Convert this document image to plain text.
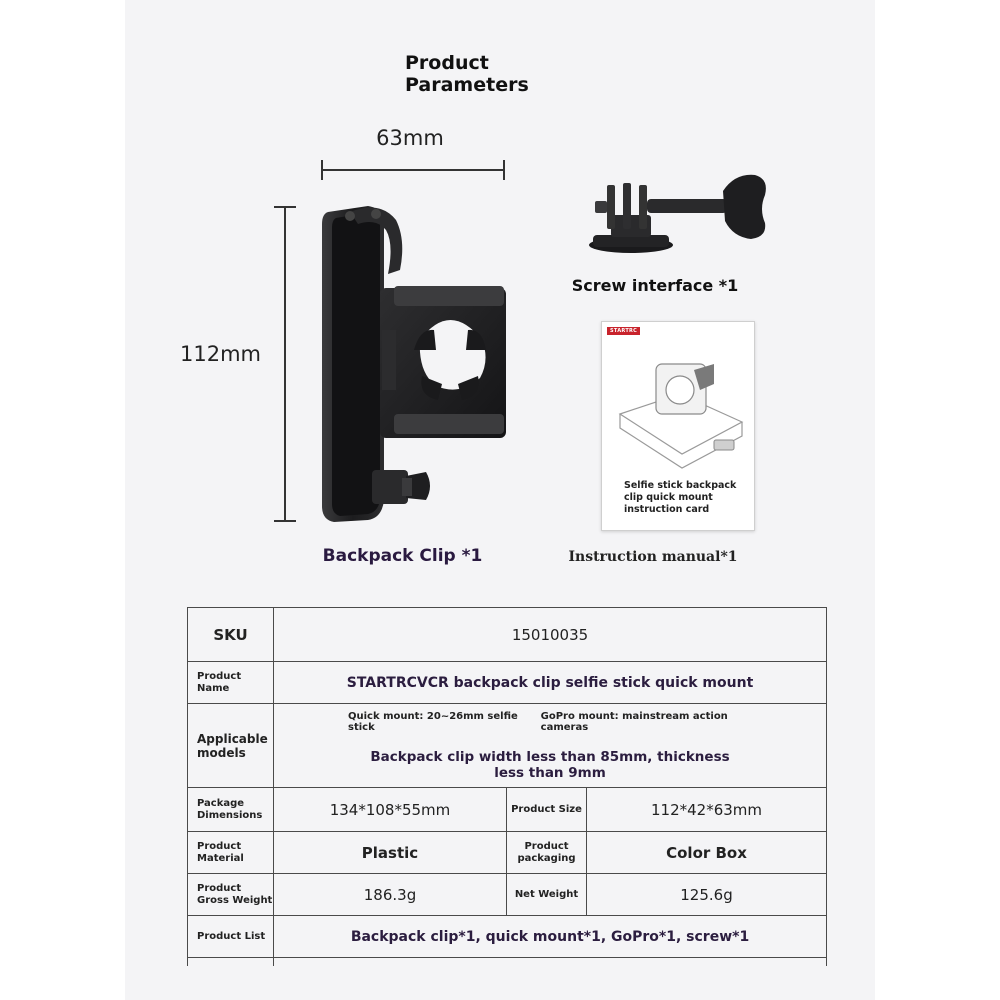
Product
Parameters
63mm
112mm
STARTRC
Selfie stick backpack clip quick mount instruction card
Screw interface *1
Backpack Clip *1	Instruction manual*1
SKU	15010035		
Product Name	STARTRCVCR backpack clip selfie stick quick mount		
Applicable models	Quick mount: 20~26mm selfie stick
GoPro mount: mainstream action cameras
Backpack clip width less than 85mm, thickness less than 9mm		

Package Dimensions	134*108*55mm	Product Size	112*42*63mm
Product Material	Plastic	Product packaging	Color Box
Product Gross Weight	186.3g	Net Weight	125.6g
Product List	Backpack clip*1, quick mount*1, GoPro*1, screw*1		
